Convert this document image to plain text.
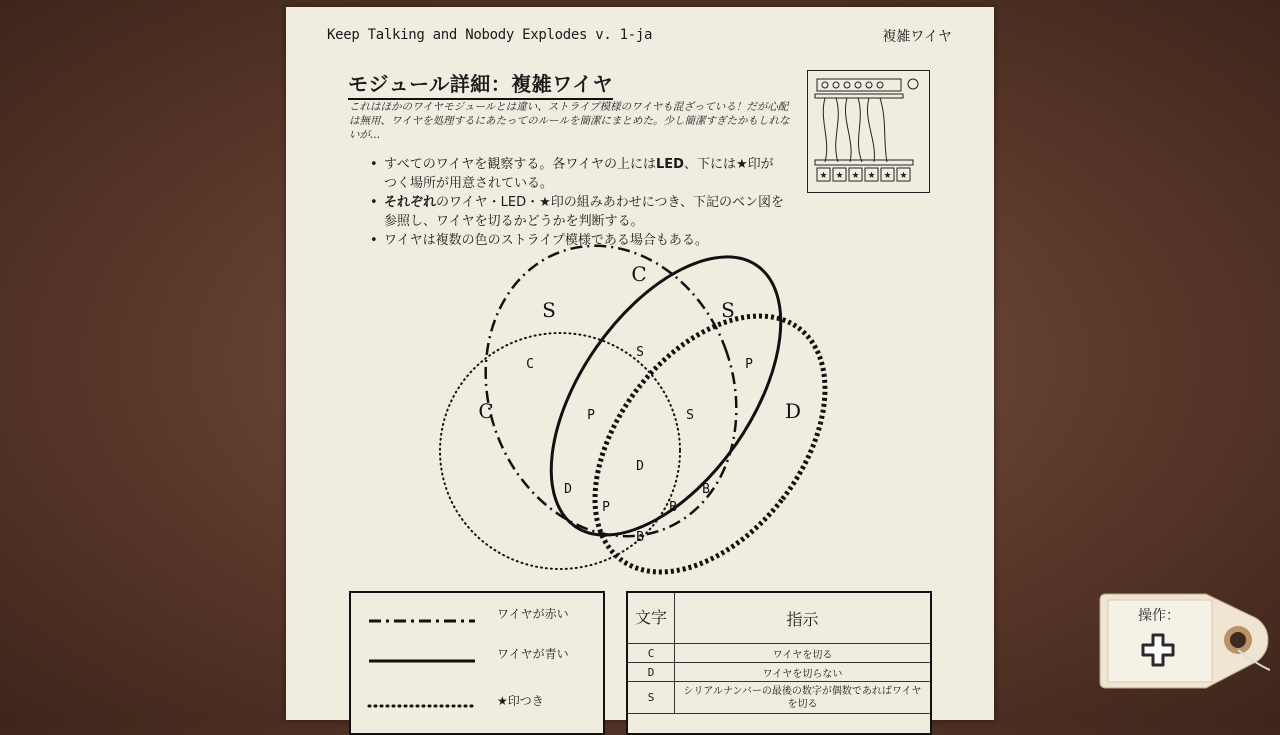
Keep Talking and Nobody Explodes v. 1-ja	複雑ワイヤ
モジュール詳細：複雑ワイヤ
これはほかのワイヤモジュールとは違い、ストライプ模様のワイヤも混ざっている！だが心配は無用、ワイヤを処理するにあたってのルールを簡潔にまとめた。少し簡潔すぎたかもしれないが…
• すべてのワイヤを観察する。各ワイヤの上にはLED、下には★印がつく場所が用意されている。
• それぞれのワイヤ・LED・★印の組みあわせにつき、下記のベン図を参照し、ワイヤを切るかどうかを判断する。
• ワイヤは複数の色のストライプ模様である場合もある。
★ ★ ★ ★ ★ ★
C
S	S
C	D
C
S
P
S
P
D
D
P	B
B
B
ワイヤが赤い
ワイヤが青い
★印つき
文字	指示
C	ワイヤを切る
D	ワイヤを切らない
S	シリアルナンバーの最後の数字が偶数であればワイヤを切る
操作：
